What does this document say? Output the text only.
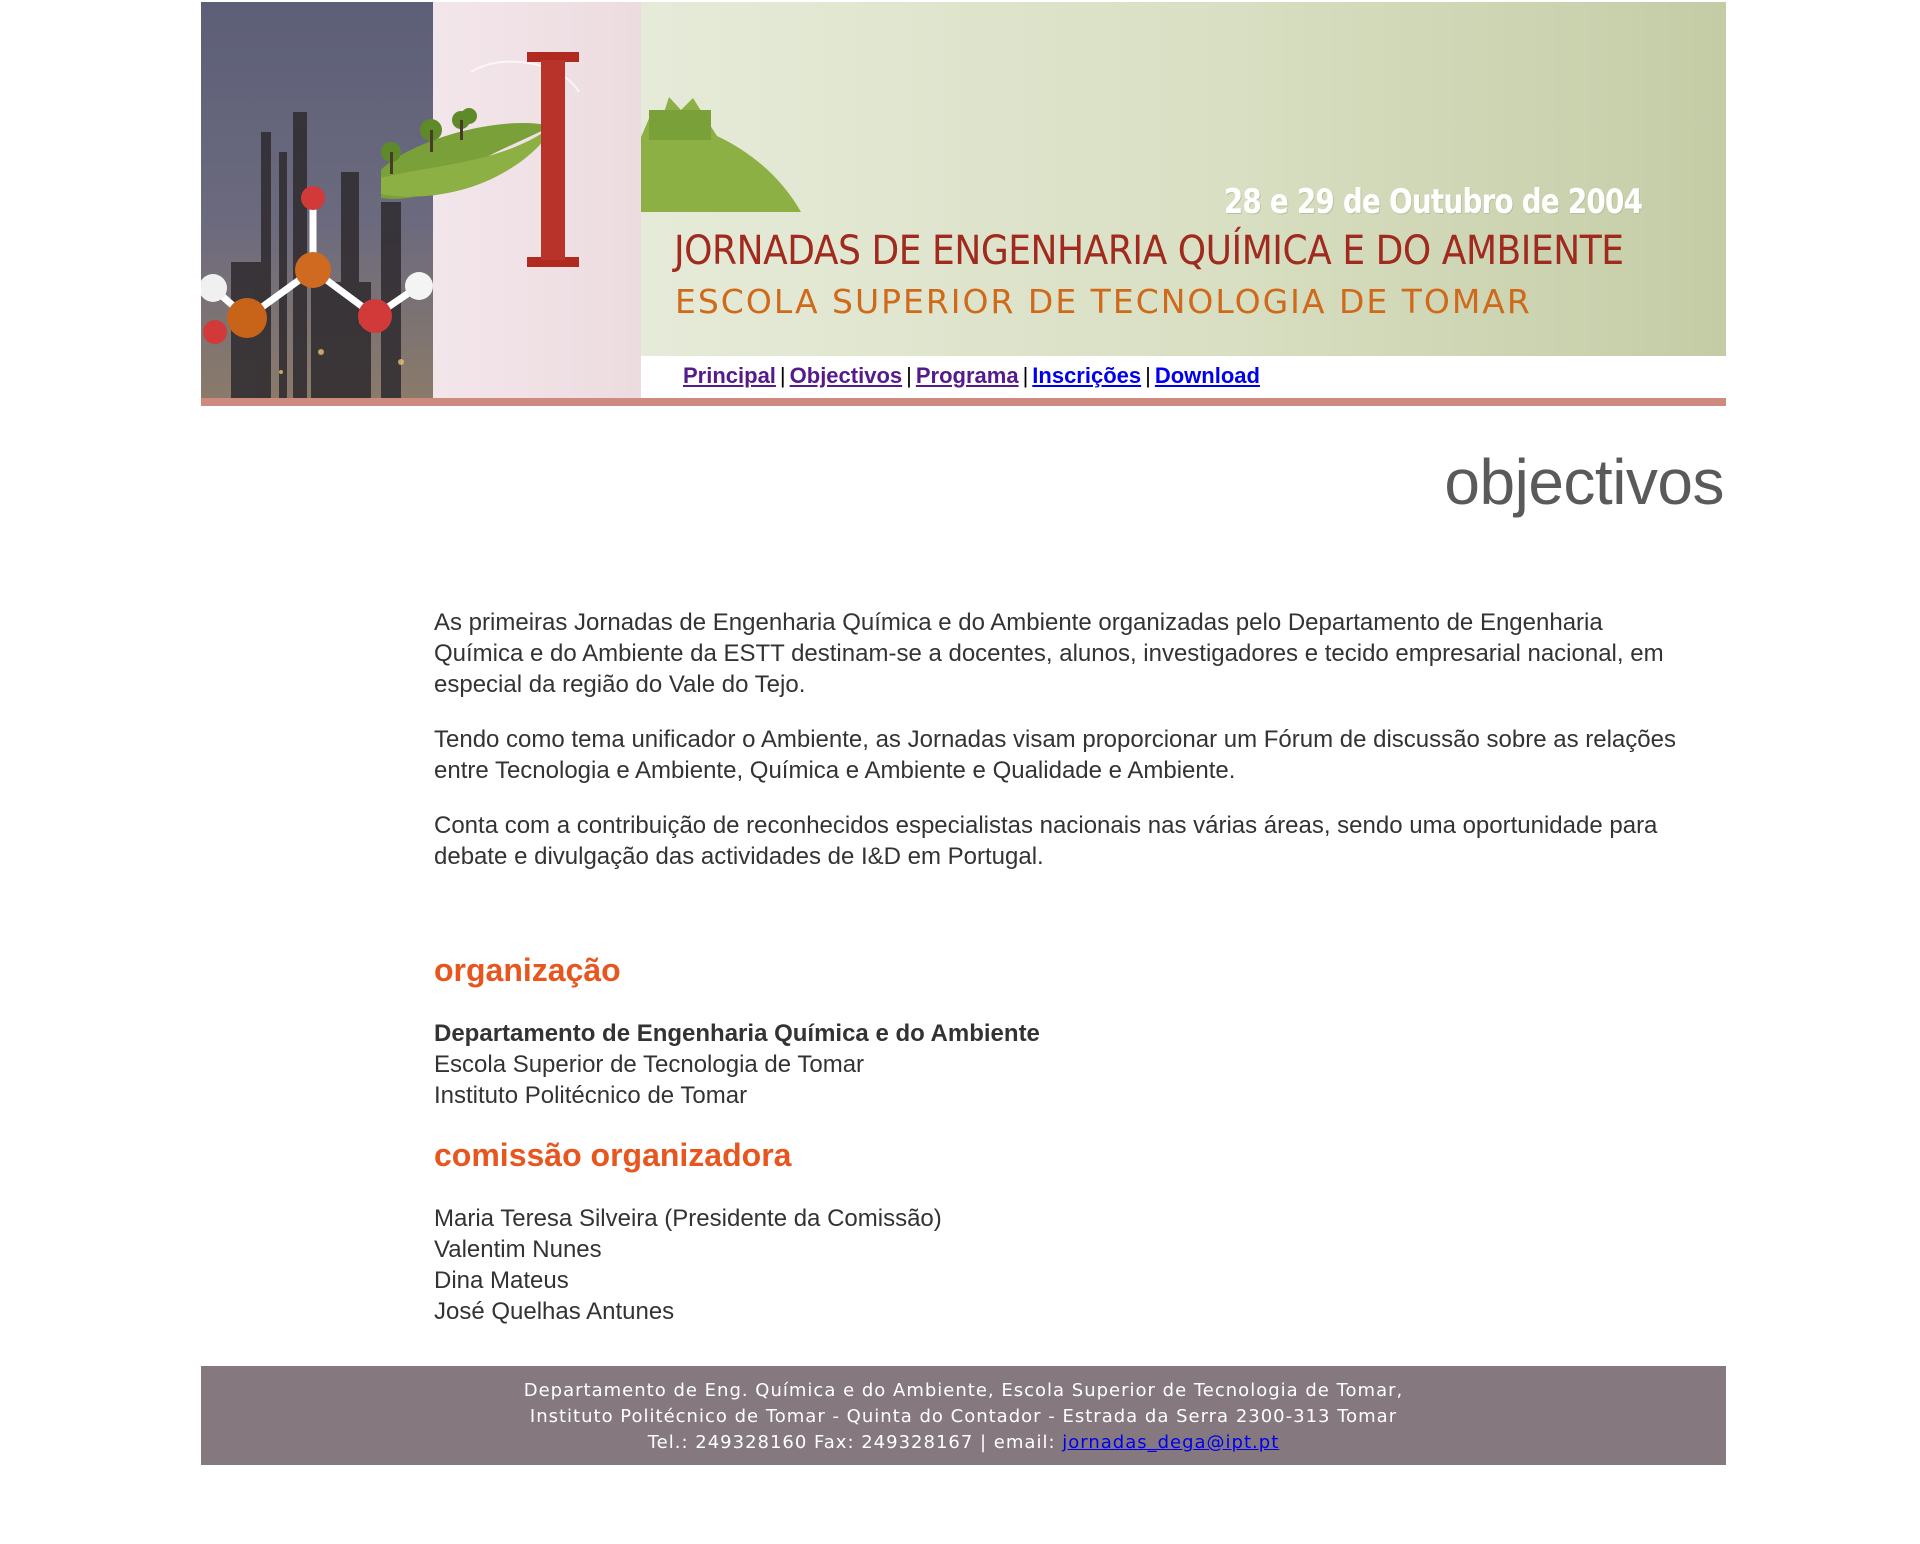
28 e 29 de Outubro de 2004
JORNADAS DE ENGENHARIA QUÍMICA E DO AMBIENTE
ESCOLA SUPERIOR DE TECNOLOGIA DE TOMAR
Principal | Objectivos | Programa | Inscrições | Download
objectivos

As primeiras Jornadas de Engenharia Química e do Ambiente organizadas pelo Departamento de Engenharia Química e do Ambiente da ESTT destinam-se a docentes, alunos, investigadores e tecido empresarial nacional, em especial da região do Vale do Tejo.

Tendo como tema unificador o Ambiente, as Jornadas visam proporcionar um Fórum de discussão sobre as relações entre Tecnologia e Ambiente, Química e Ambiente e Qualidade e Ambiente.

Conta com a contribuição de reconhecidos especialistas nacionais nas várias áreas, sendo uma oportunidade para debate e divulgação das actividades de I&D em Portugal.

organização
Departamento de Engenharia Química e do Ambiente
Escola Superior de Tecnologia de Tomar
Instituto Politécnico de Tomar
comissão organizadora
Maria Teresa Silveira (Presidente da Comissão)
Valentim Nunes
Dina Mateus
José Quelhas Antunes
Departamento de Eng. Química e do Ambiente, Escola Superior de Tecnologia de Tomar,
Instituto Politécnico de Tomar - Quinta do Contador - Estrada da Serra 2300-313 Tomar
Tel.: 249328160 Fax: 249328167 | email: jornadas_dega@ipt.pt
